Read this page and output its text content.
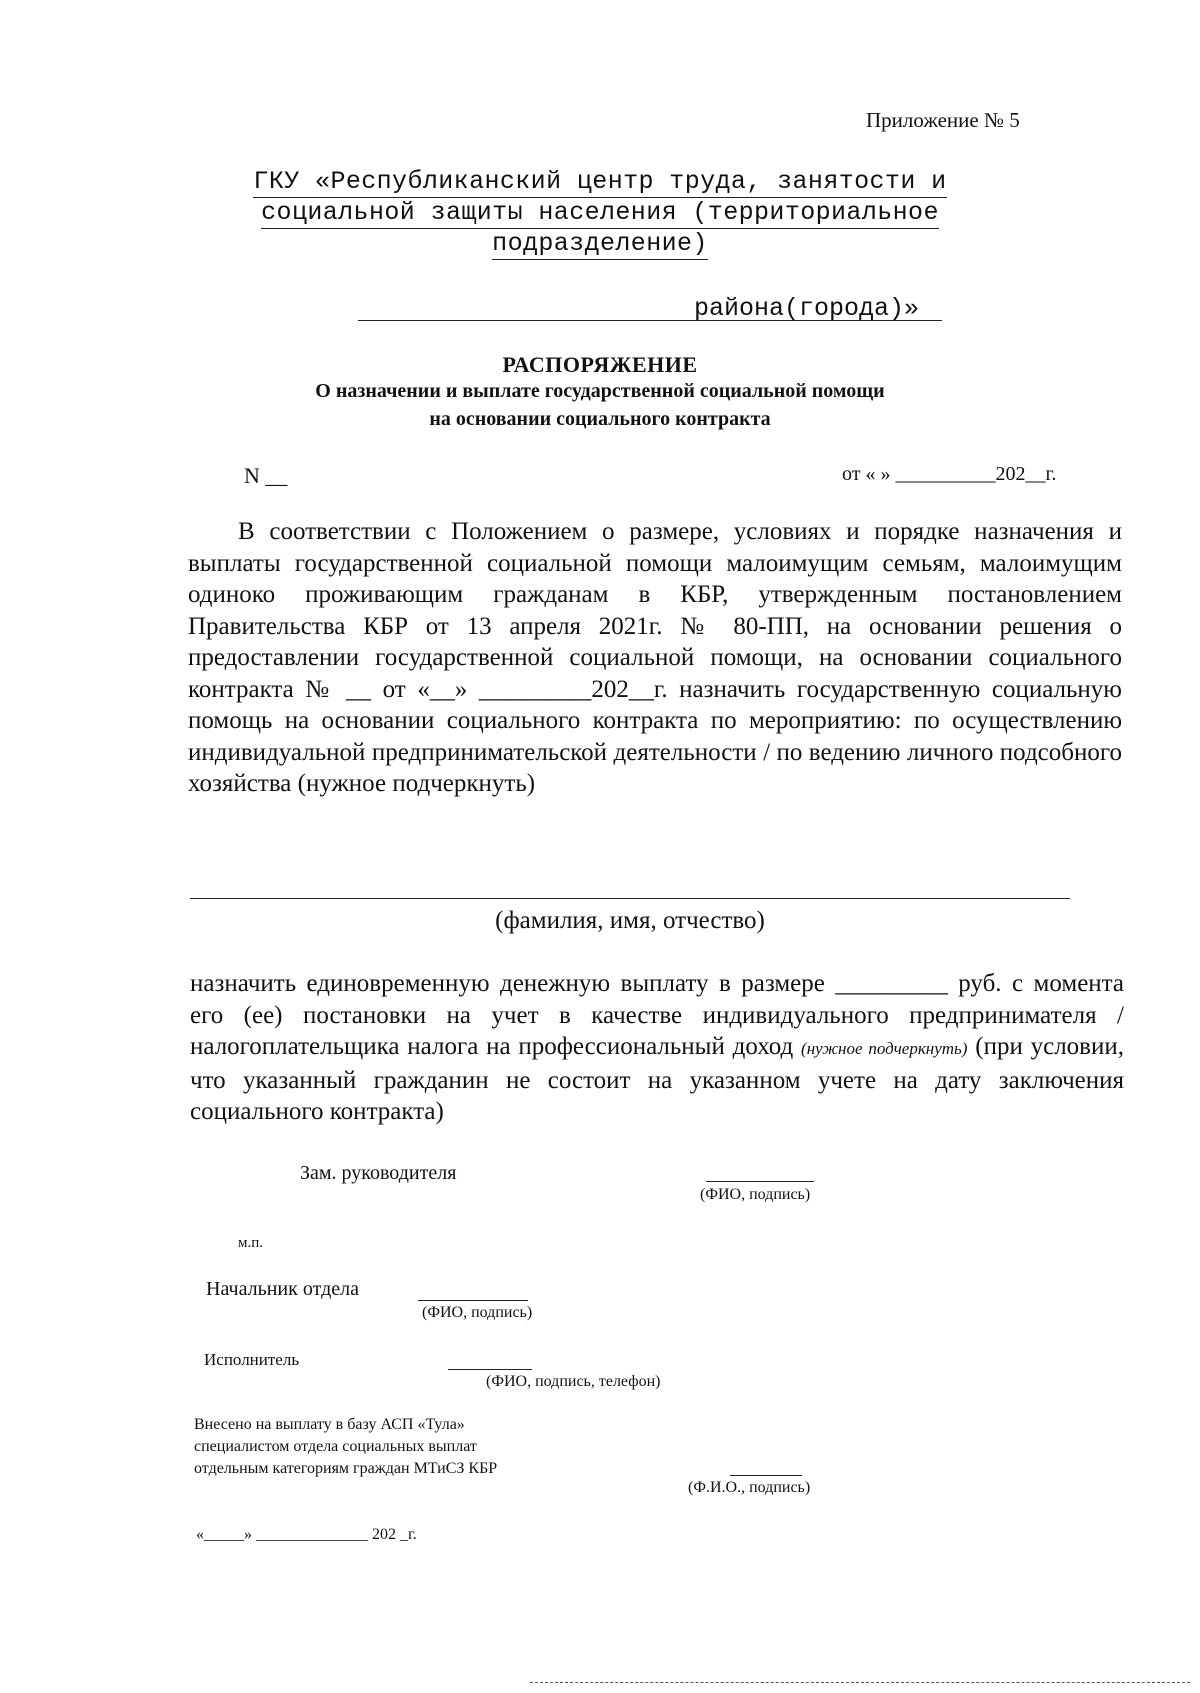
Приложение № 5
ГКУ «Республиканский центр труда, занятости и
социальной защиты населения (территориальное
подразделение)
района(города)»
РАСПОРЯЖЕНИЕ
О назначении и выплате государственной социальной помощи
на основании социального контракта
N __	от « » __________202__г.
В соответствии с Положением о размере, условиях и порядке назначения и выплаты государственной социальной помощи малоимущим семьям, малоимущим одиноко проживающим гражданам в КБР, утвержденным постановлением Правительства КБР от 13 апреля 2021г. № 80-ПП, на основании решения о предоставлении государственной социальной помощи, на основании социального контракта № __ от «__» _________202__г. назначить государственную социальную помощь на основании социального контракта по мероприятию: по осуществлению индивидуальной предпринимательской деятельности / по ведению личного подсобного хозяйства (нужное подчеркнуть)
(фамилия, имя, отчество)
назначить единовременную денежную выплату в размере _________ руб. с момента его (ее) постановки на учет в качестве индивидуального предпринимателя / налогоплательщика налога на профессиональный доход (нужное подчеркнуть) (при условии, что указанный гражданин не состоит на указанном учете на дату заключения социального контракта)
Зам. руководителя
(ФИО, подпись)
м.п.
Начальник отдела
(ФИО, подпись)
Исполнитель
(ФИО, подпись, телефон)
Внесено на выплату в базу АСП «Тула»
специалистом отдела социальных выплат
отдельным категориям граждан МТиСЗ КБР
(Ф.И.О., подпись)
«_____» ______________ 202 _г.
